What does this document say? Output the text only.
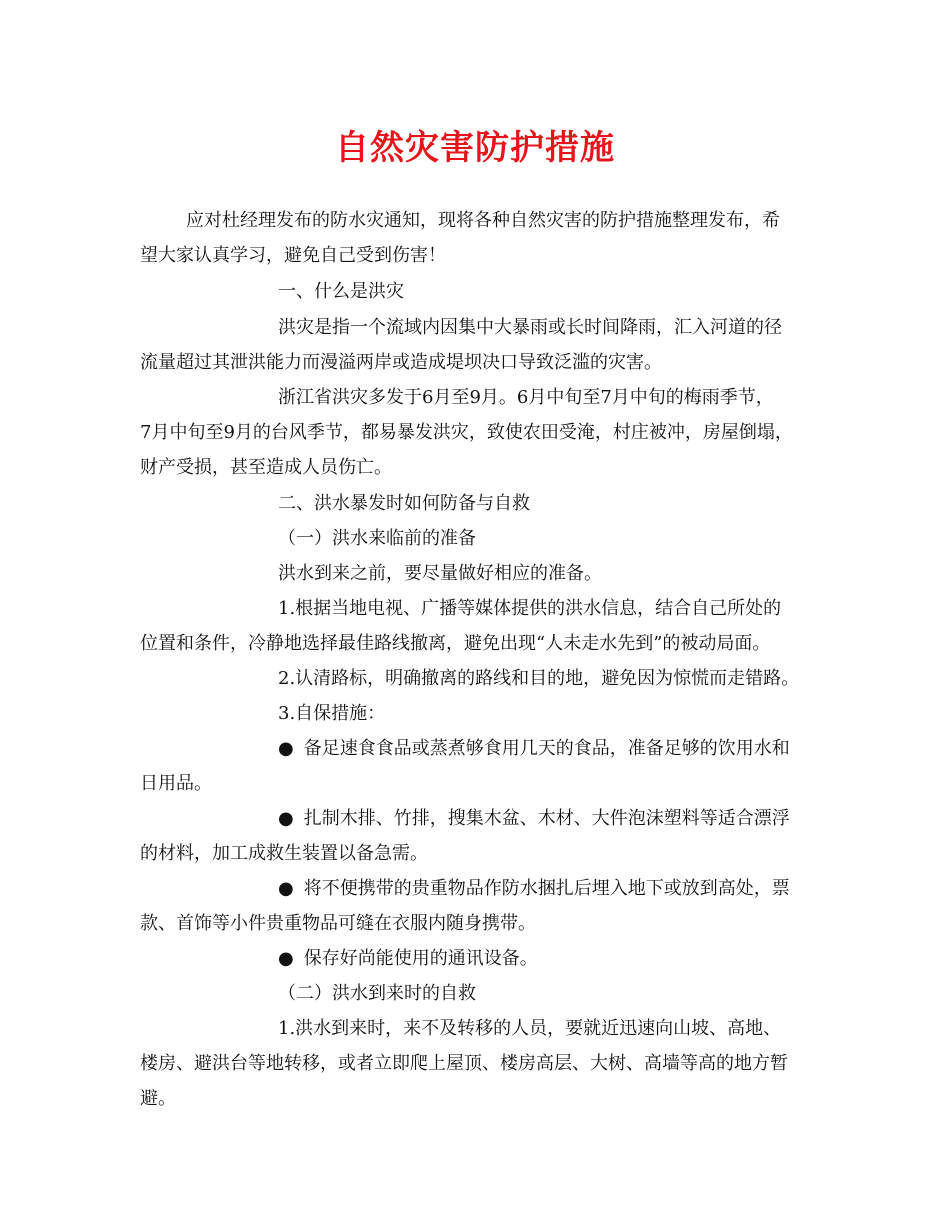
自然灾害防护措施
应对杜经理发布的防水灾通知，现将各种自然灾害的防护措施整理发布，希
望大家认真学习，避免自己受到伤害！
一、什么是洪灾
洪灾是指一个流域内因集中大暴雨或长时间降雨，汇入河道的径
流量超过其泄洪能力而漫溢两岸或造成堤坝决口导致泛滥的灾害。
浙江省洪灾多发于6月至9月。6月中旬至7月中旬的梅雨季节，
7月中旬至9月的台风季节，都易暴发洪灾，致使农田受淹，村庄被冲，房屋倒塌，
财产受损，甚至造成人员伤亡。
二、洪水暴发时如何防备与自救
（一）洪水来临前的准备
洪水到来之前，要尽量做好相应的准备。
1.根据当地电视、广播等媒体提供的洪水信息，结合自己所处的
位置和条件，冷静地选择最佳路线撤离，避免出现“人未走水先到”的被动局面。
2.认清路标，明确撤离的路线和目的地，避免因为惊慌而走错路。
3.自保措施：
● 备足速食食品或蒸煮够食用几天的食品，准备足够的饮用水和
日用品。
● 扎制木排、竹排，搜集木盆、木材、大件泡沫塑料等适合漂浮
的材料，加工成救生装置以备急需。
● 将不便携带的贵重物品作防水捆扎后埋入地下或放到高处，票
款、首饰等小件贵重物品可缝在衣服内随身携带。
● 保存好尚能使用的通讯设备。
（二）洪水到来时的自救
1.洪水到来时，来不及转移的人员，要就近迅速向山坡、高地、
楼房、避洪台等地转移，或者立即爬上屋顶、楼房高层、大树、高墙等高的地方暂
避。
